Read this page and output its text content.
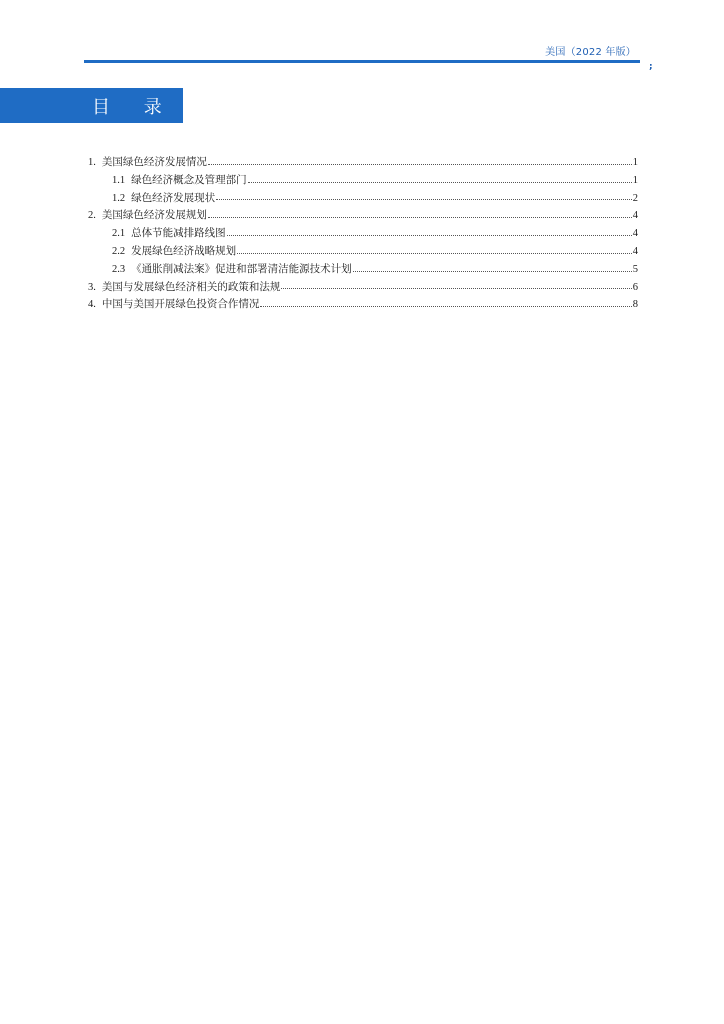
美国（2022 年版）
;
目 录
1. 美国绿色经济发展情况	1
1.1 绿色经济概念及管理部门	1
1.2 绿色经济发展现状	2
2. 美国绿色经济发展规划	4
2.1 总体节能减排路线图	4
2.2 发展绿色经济战略规划	4
2.3 《通胀削减法案》促进和部署清洁能源技术计划	5
3. 美国与发展绿色经济相关的政策和法规	6
4. 中国与美国开展绿色投资合作情况	8
